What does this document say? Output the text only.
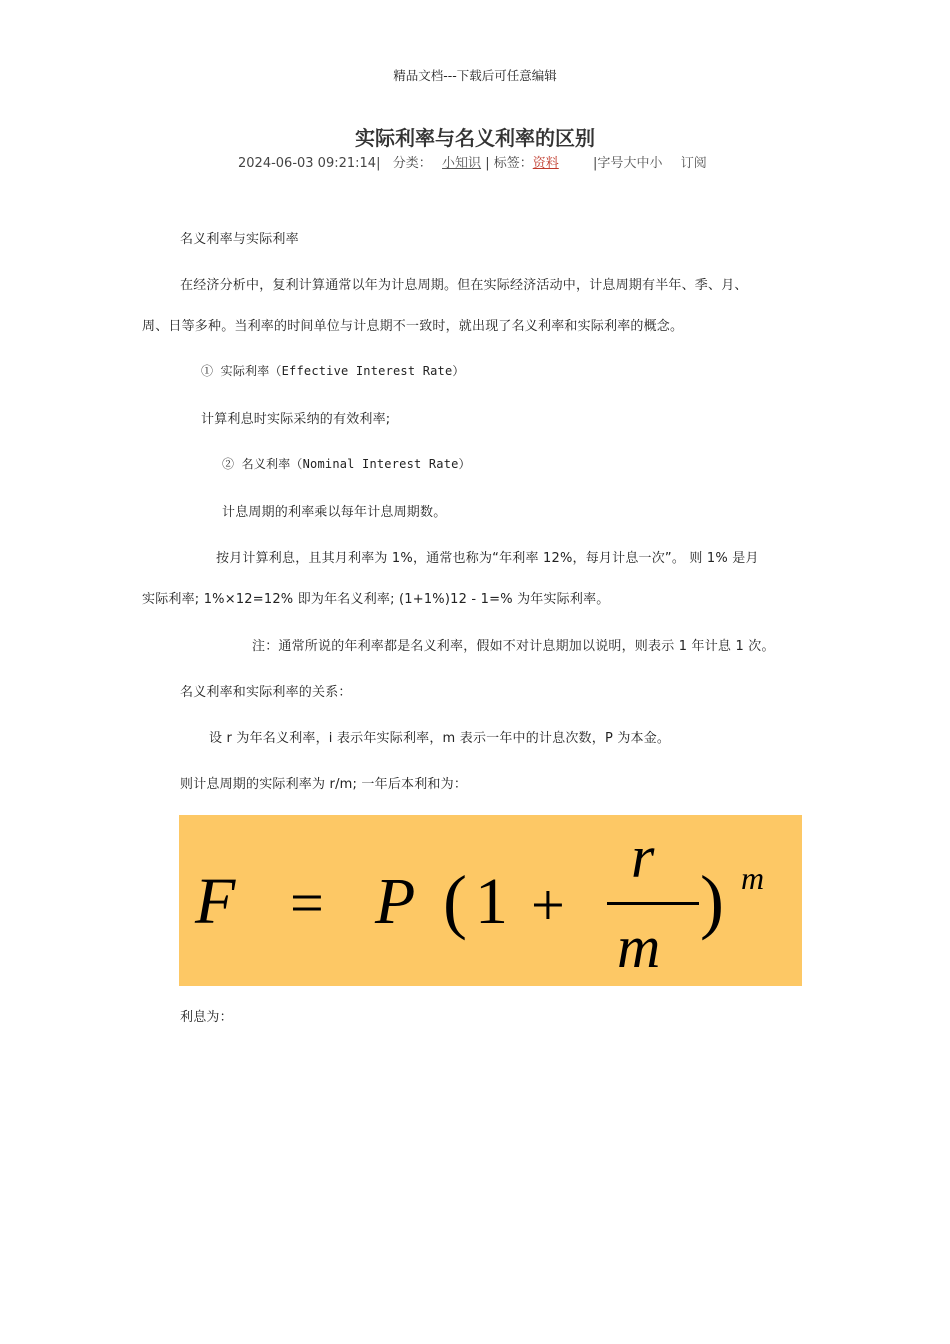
精品文档---下载后可任意编辑
实际利率与名义利率的区别
2024-06-03 09:21:14| 分类： 小知识 | 标签：资料	|字号大中小 订阅
名义利率与实际利率
在经济分析中，复利计算通常以年为计息周期。但在实际经济活动中，计息周期有半年、季、月、
周、日等多种。当利率的时间单位与计息期不一致时，就出现了名义利率和实际利率的概念。
① 实际利率（Effective Interest Rate）
计算利息时实际采纳的有效利率;
② 名义利率（Nominal Interest Rate）
计息周期的利率乘以每年计息周期数。
按月计算利息，且其月利率为 1%，通常也称为“年利率 12%，每月计息一次”。 则 1% 是月
实际利率; 1%×12=12% 即为年名义利率; (1+1%)12 - 1=% 为年实际利率。
注：通常所说的年利率都是名义利率，假如不对计息期加以说明，则表示 1 年计息 1 次。
名义利率和实际利率的关系：
设 r 为年名义利率，i 表示年实际利率，m 表示一年中的计息次数，P 为本金。
则计息周期的实际利率为 r/m; 一年后本利和为：
F = P ( 1 +
r
m
) m
利息为：
